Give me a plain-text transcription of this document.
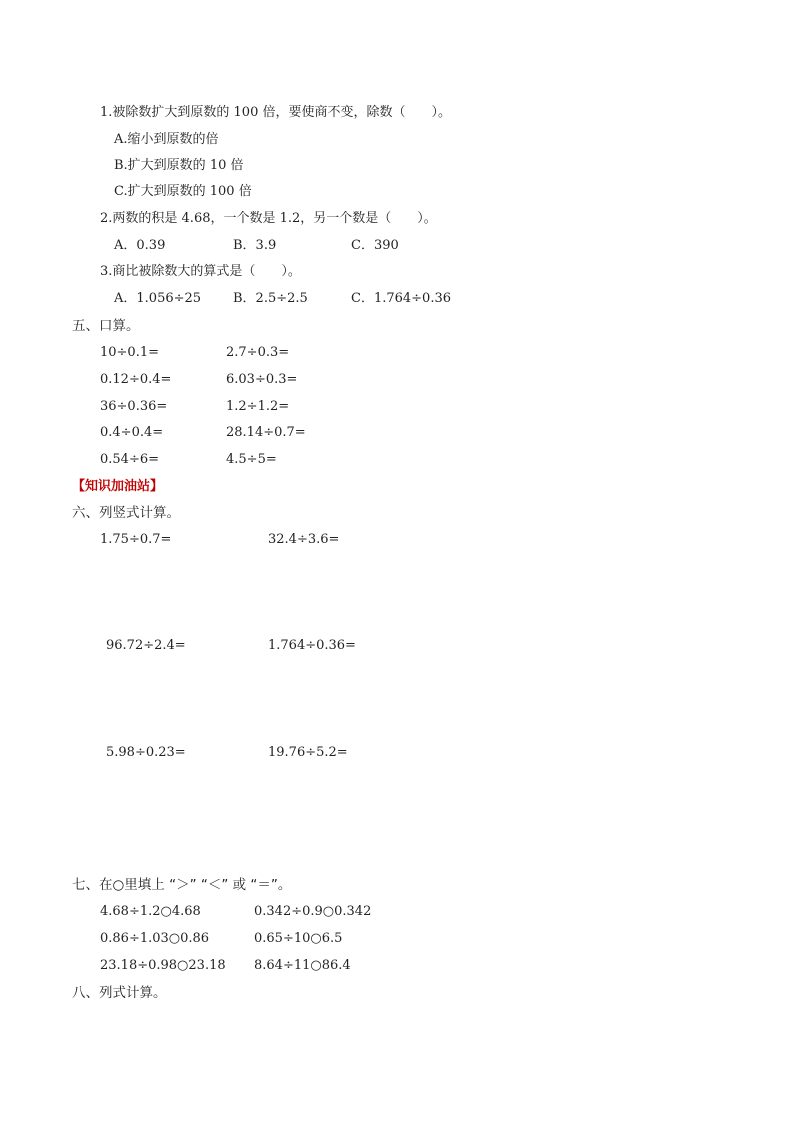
1.被除数扩大到原数的 100 倍，要使商不变，除数（　　）。
A.缩小到原数的倍
B.扩大到原数的 10 倍
C.扩大到原数的 100 倍
2.两数的积是 4.68，一个数是 1.2，另一个数是（　　）。
A．0.39	B．3.9	C．390
3.商比被除数大的算式是（　　）。
A．1.056÷25 B．2.5÷2.5	C．1.764÷0.36
五、口算。
10÷0.1=	2.7÷0.3=
0.12÷0.4=	6.03÷0.3=
36÷0.36=	1.2÷1.2=
0.4÷0.4=	28.14÷0.7=
0.54÷6=	4.5÷5=
【知识加油站】
六、列竖式计算。
1.75÷0.7=	32.4÷3.6=
96.72÷2.4=	1.764÷0.36=
5.98÷0.23=	19.76÷5.2=
七、在○里填上 “＞” “＜” 或 “＝”。
4.68÷1.2○4.68	0.342÷0.9○0.342
0.86÷1.03○0.86	0.65÷10○6.5
23.18÷0.98○23.18 8.64÷11○86.4
八、列式计算。
